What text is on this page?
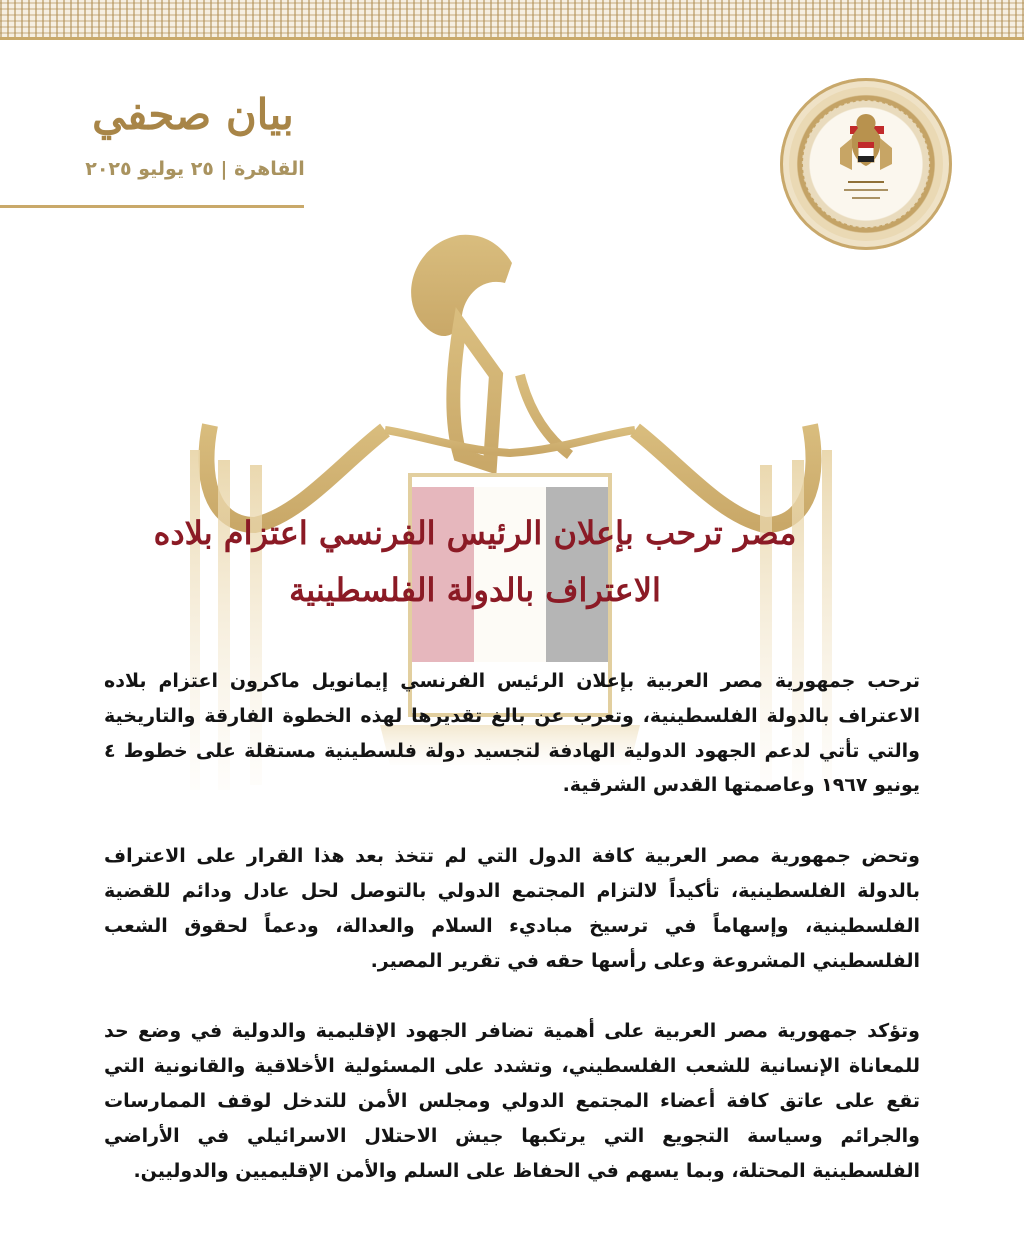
بيان صحفي
القاهرة | ٢٥ يوليو ٢٠٢٥
مصر ترحب بإعلان الرئيس الفرنسي اعتزام بلاده
الاعتراف بالدولة الفلسطينية

ترحب جمهورية مصر العربية بإعلان الرئيس الفرنسي إيمانويل ماكرون اعتزام بلاده الاعتراف بالدولة الفلسطينية، وتعرب عن بالغ تقديرها لهذه الخطوة الفارقة والتاريخية والتي تأتي لدعم الجهود الدولية الهادفة لتجسيد دولة فلسطينية مستقلة على خطوط ٤ يونيو ١٩٦٧ وعاصمتها القدس الشرقية.

وتحض جمهورية مصر العربية كافة الدول التي لم تتخذ بعد هذا القرار على الاعتراف بالدولة الفلسطينية، تأكيداً لالتزام المجتمع الدولي بالتوصل لحل عادل ودائم للقضية الفلسطينية، وإسهاماً في ترسيخ مباديء السلام والعدالة، ودعماً لحقوق الشعب الفلسطيني المشروعة وعلى رأسها حقه في تقرير المصير.

وتؤكد جمهورية مصر العربية على أهمية تضافر الجهود الإقليمية والدولية في وضع حد للمعاناة الإنسانية للشعب الفلسطيني، وتشدد على المسئولية الأخلاقية والقانونية التي تقع على عاتق كافة أعضاء المجتمع الدولي ومجلس الأمن للتدخل لوقف الممارسات والجرائم وسياسة التجويع التي يرتكبها جيش الاحتلال الاسرائيلي في الأراضي الفلسطينية المحتلة، وبما يسهم في الحفاظ على السلم والأمن الإقليميين والدوليين.
